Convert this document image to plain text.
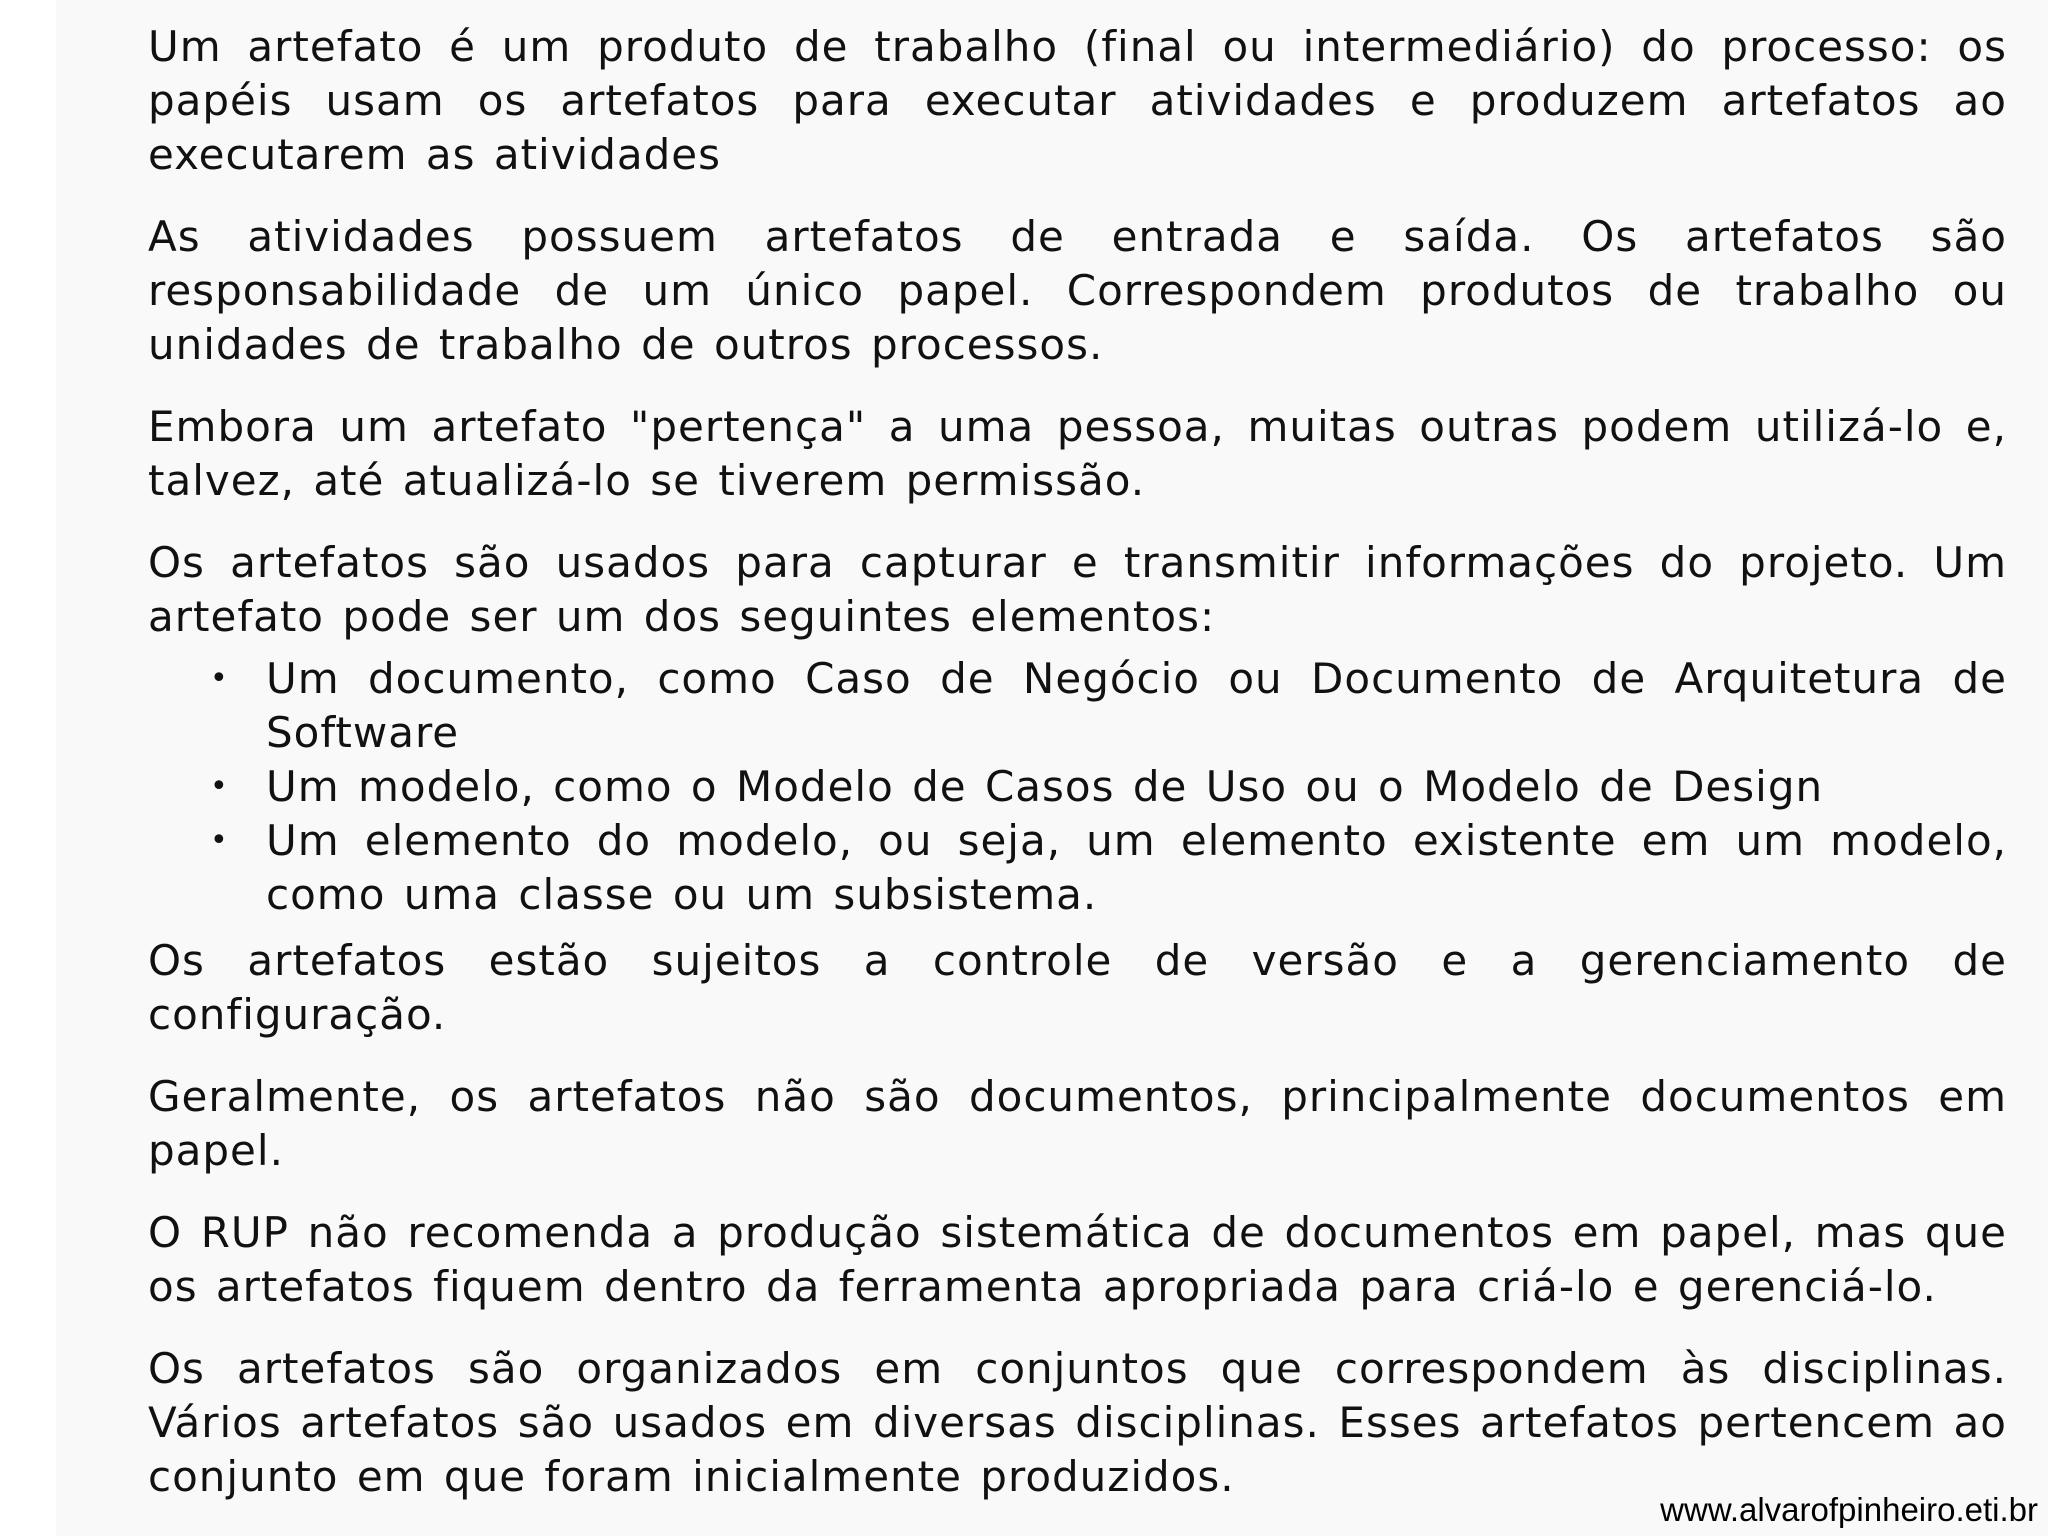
Um artefato é um produto de trabalho (final ou intermediário) do processo: os papéis usam os artefatos para executar atividades e produzem artefatos ao executarem as atividades

As atividades possuem artefatos de entrada e saída. Os artefatos são responsabilidade de um único papel. Correspondem produtos de trabalho ou unidades de trabalho de outros processos.

Embora um artefato "pertença" a uma pessoa, muitas outras podem utilizá-lo e, talvez, até atualizá-lo se tiverem permissão.

Os artefatos são usados para capturar e transmitir informações do projeto. Um artefato pode ser um dos seguintes elementos:

• Um documento, como Caso de Negócio ou Documento de Arquitetura de Software
• Um modelo, como o Modelo de Casos de Uso ou o Modelo de Design
• Um elemento do modelo, ou seja, um elemento existente em um modelo, como uma classe ou um subsistema.

Os artefatos estão sujeitos a controle de versão e a gerenciamento de configuração.

Geralmente, os artefatos não são documentos, principalmente documentos em papel.

O RUP não recomenda a produção sistemática de documentos em papel, mas que os artefatos fiquem dentro da ferramenta apropriada para criá-lo e gerenciá-lo.

Os artefatos são organizados em conjuntos que correspondem às disciplinas. Vários artefatos são usados em diversas disciplinas. Esses artefatos pertencem ao conjunto em que foram inicialmente produzidos.

www.alvarofpinheiro.eti.br
